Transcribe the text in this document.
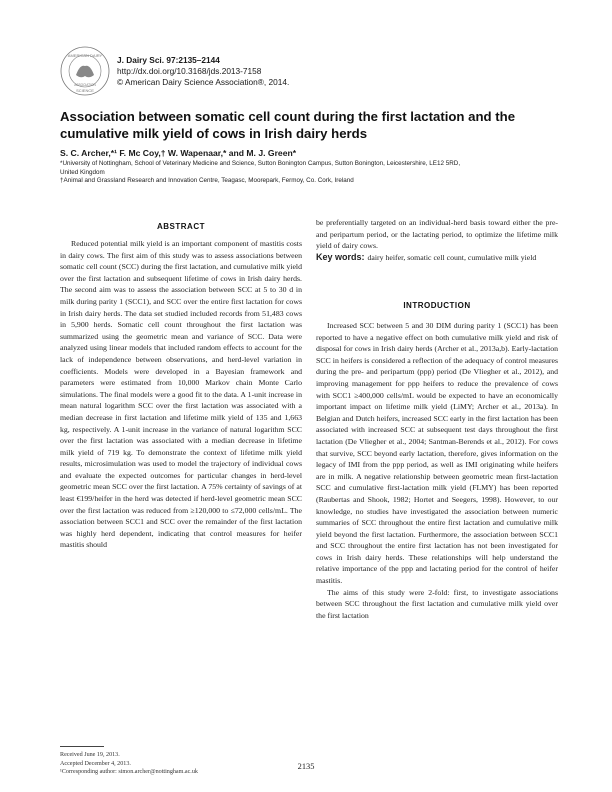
AMERICAN DAIRY
SCIENCE
ASSOCIATION
J. Dairy Sci. 97:2135–2144
http://dx.doi.org/10.3168/jds.2013-7158
© American Dairy Science Association®, 2014.
Association between somatic cell count during the first lactation and the cumulative milk yield of cows in Irish dairy herds
S. C. Archer,*¹ F. Mc Coy,† W. Wapenaar,* and M. J. Green*
*University of Nottingham, School of Veterinary Medicine and Science, Sutton Bonington Campus, Sutton Bonington, Leicestershire, LE12 5RD,
United Kingdom
†Animal and Grassland Research and Innovation Centre, Teagasc, Moorepark, Fermoy, Co. Cork, Ireland
ABSTRACT

Reduced potential milk yield is an important component of mastitis costs in dairy cows. The first aim of this study was to assess associations between somatic cell count (SCC) during the first lactation, and cumulative milk yield over the first lactation and subsequent lifetime of cows in Irish dairy herds. The second aim was to assess the association between SCC at 5 to 30 d in milk during parity 1 (SCC1), and SCC over the entire first lactation for cows in Irish dairy herds. The data set studied included records from 51,483 cows in 5,900 herds. Somatic cell count throughout the first lactation was summarized using the geometric mean and variance of SCC. Data were analyzed using linear models that included random effects to account for the lack of independence between observations, and herd-level variation in coefficients. Models were developed in a Bayesian framework and parameters were estimated from 10,000 Markov chain Monte Carlo simulations. The final models were a good fit to the data. A 1-unit increase in mean natural logarithm SCC over the first lactation was associated with a median decrease in first lactation and lifetime milk yield of 135 and 1,663 kg, respectively. A 1-unit increase in the variance of natural logarithm SCC over the first lactation was associated with a median decrease in lifetime milk yield of 719 kg. To demonstrate the context of lifetime milk yield results, microsimulation was used to model the trajectory of individual cows and evaluate the expected outcomes for particular changes in herd-level geometric mean SCC over the first lactation. A 75% certainty of savings of at least €199/heifer in the herd was detected if herd-level geometric mean SCC over the first lactation was reduced from ≥120,000 to ≤72,000 cells/mL. The association between SCC1 and SCC over the remainder of the first lactation was highly herd dependent, indicating that control measures for heifer mastitis should

be preferentially targeted on an individual-herd basis toward either the pre- and peripartum period, or the lactating period, to optimize the lifetime milk yield of dairy cows.

Key words: dairy heifer, somatic cell count, cumulative milk yield
INTRODUCTION

Increased SCC between 5 and 30 DIM during parity 1 (SCC1) has been reported to have a negative effect on both cumulative milk yield and risk of disposal for cows in Irish dairy herds (Archer et al., 2013a,b). Early-lactation SCC in heifers is considered a reflection of the adequacy of control measures during the pre- and peripartum (ppp) period (De Vliegher et al., 2012), and improving management for ppp heifers to reduce the prevalence of cows with SCC1 ≥400,000 cells/mL would be expected to have an economically important impact on lifetime milk yield (LiMY; Archer et al., 2013a). In Belgian and Dutch heifers, increased SCC early in the first lactation has been associated with increased SCC at subsequent test days throughout the first lactation (De Vliegher et al., 2004; Santman-Berends et al., 2012). For cows that survive, SCC beyond early lactation, therefore, gives information on the legacy of IMI from the ppp period, as well as IMI originating while heifers are in milk. A negative relationship between geometric mean first-lactation SCC and cumulative first-lactation milk yield (FLMY) has been reported (Raubertas and Shook, 1982; Hortet and Seegers, 1998). However, to our knowledge, no studies have investigated the association between numeric summaries of SCC throughout the entire first lactation and cumulative milk yield beyond the first lactation. Furthermore, the association between SCC1 and SCC throughout the entire first lactation has not been investigated for cows in Irish dairy herds. These relationships will help understand the relative importance of the ppp and lactating period for the control of heifer mastitis.

The aims of this study were 2-fold: first, to investigate associations between SCC throughout the first lactation and cumulative milk yield over the first lactation

Received June 19, 2013.
Accepted December 4, 2013.
¹Corresponding author: simon.archer@nottingham.ac.uk
2135
